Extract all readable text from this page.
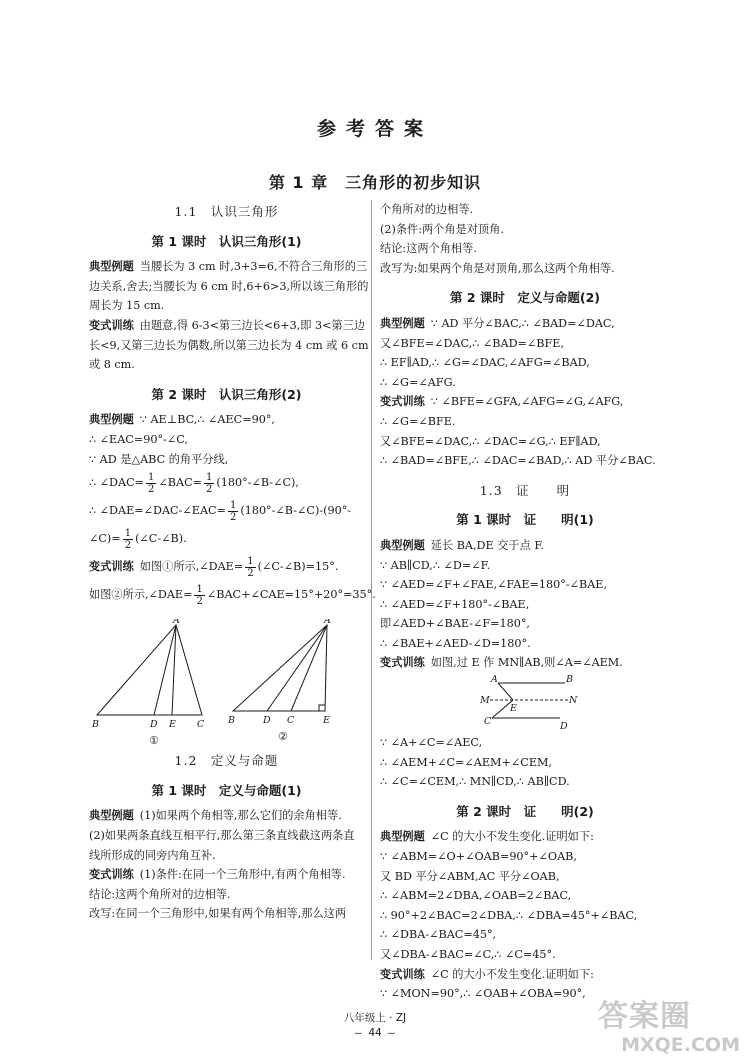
参考答案
第 1 章　三角形的初步知识
1.1　认识三角形
第 1 课时　认识三角形(1)
典型例题 当腰长为 3 cm 时,3+3=6,不符合三角形的三
边关系,舍去;当腰长为 6 cm 时,6+6>3,所以该三角形的
周长为 15 cm.
变式训练 由题意,得 6-3<第三边长<6+3,即 3<第三边
长<9,又第三边长为偶数,所以第三边长为 4 cm 或 6 cm
或 8 cm.
第 2 课时　认识三角形(2)
典型例题 ∵ AE⊥BC,∴ ∠AEC=90°,
∴ ∠EAC=90°-∠C,
∵ AD 是△ABC 的角平分线,
∴ ∠DAC= $\frac{1}{2}$ ∠BAC= $\frac{1}{2}$ (180°-∠B-∠C),
∴ ∠DAE=∠DAC-∠EAC= $\frac{1}{2}$ (180°-∠B-∠C)-(90°-
∠C)= $\frac{1}{2}$ (∠C-∠B).
变式训练 如图①所示,∠DAE= $\frac{1}{2}$ (∠C-∠B)=15°.
如图②所示,∠DAE= $\frac{1}{2}$ ∠BAC+∠CAE=15°+20°=35°.
A
B	D E C
A
B	D C	E
①	②
1.2　定义与命题
第 1 课时　定义与命题(1)
典型例题 (1)如果两个角相等,那么它们的余角相等.
(2)如果两条直线互相平行,那么第三条直线截这两条直
线所形成的同旁内角互补.
变式训练 (1)条件:在同一个三角形中,有两个角相等.
结论:这两个角所对的边相等.
改写:在同一个三角形中,如果有两个角相等,那么这两
个角所对的边相等.
(2)条件:两个角是对顶角.
结论:这两个角相等.
改写为:如果两个角是对顶角,那么这两个角相等.
第 2 课时　定义与命题(2)
典型例题 ∵ AD 平分∠BAC,∴ ∠BAD=∠DAC,
又∠BFE=∠DAC,∴ ∠BAD=∠BFE,
∴ EF∥AD,∴ ∠G=∠DAC,∠AFG=∠BAD,
∴ ∠G=∠AFG.
变式训练 ∵ ∠BFE=∠GFA,∠AFG=∠G,∠AFG,
∴ ∠G=∠BFE.
又∠BFE=∠DAC,∴ ∠DAC=∠G,∴ EF∥AD,
∴ ∠BAD=∠BFE,∴ ∠DAC=∠BAD,∴ AD 平分∠BAC.
1.3　证　　明
第 1 课时　证　　明(1)
典型例题 延长 BA,DE 交于点 F.
∵ AB∥CD,∴ ∠D=∠F.
∵ ∠AED=∠F+∠FAE,∠FAE=180°-∠BAE,
∴ ∠AED=∠F+180°-∠BAE,
即∠AED+∠BAE-∠F=180°,
∴ ∠BAE+∠AED-∠D=180°.
变式训练 如图,过 E 作 MN∥AB,则∠A=∠AEM.
A	B
M
E
N
C	D
∵ ∠A+∠C=∠AEC,
∴ ∠AEM+∠C=∠AEM+∠CEM,
∴ ∠C=∠CEM,∴ MN∥CD,∴ AB∥CD.
第 2 课时　证　　明(2)
典型例题 ∠C 的大小不发生变化.证明如下:
∵ ∠ABM=∠O+∠OAB=90°+∠OAB,
又 BD 平分∠ABM,AC 平分∠OAB,
∴ ∠ABM=2∠DBA,∠OAB=2∠BAC,
∴ 90°+2∠BAC=2∠DBA,∴ ∠DBA=45°+∠BAC,
∴ ∠DBA-∠BAC=45°,
又∠DBA-∠BAC=∠C,∴ ∠C=45°.
变式训练 ∠C 的大小不发生变化.证明如下:
∵ ∠MON=90°,∴ ∠OAB+∠OBA=90°,
八年级上 · ZJ
— 44 —	答案圈
MXQE.COM
